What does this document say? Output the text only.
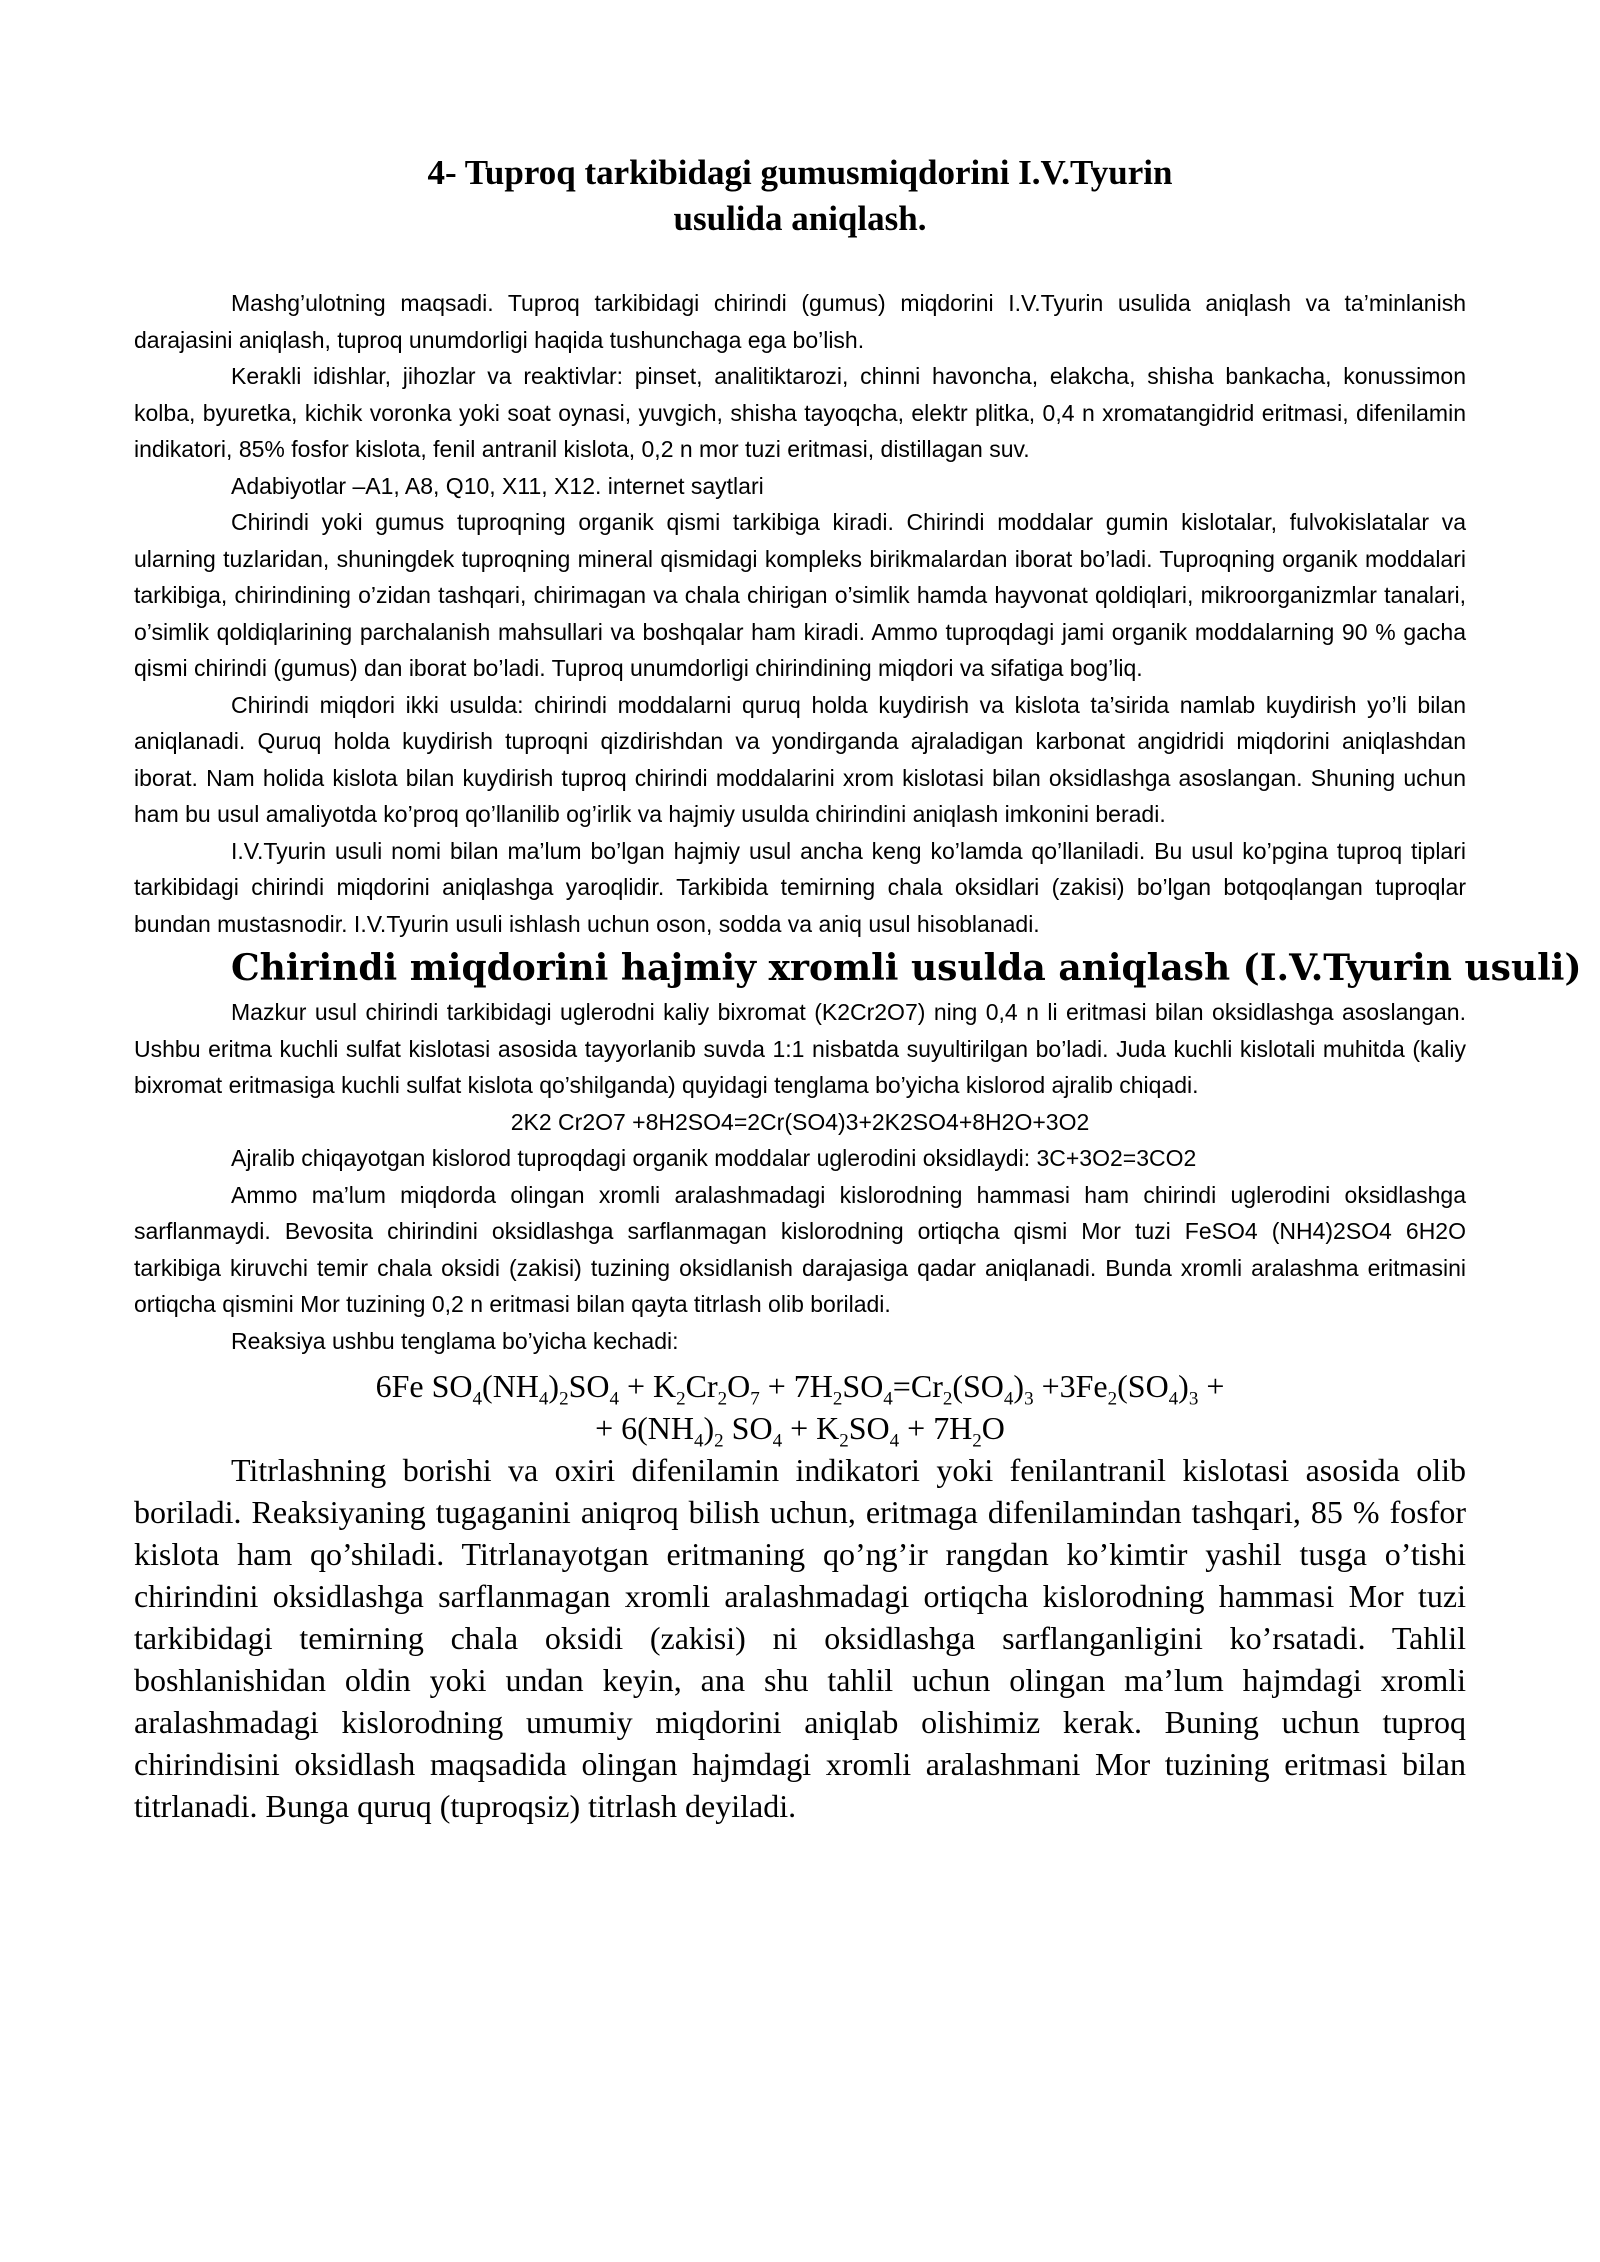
4- Tuproq tarkibidagi gumusmiqdorini I.V.Tyurin
usulida aniqlash.

Mashg’ulotning maqsadi. Tuproq tarkibidagi chirindi (gumus) miqdorini I.V.Tyurin usulida aniqlash va ta’minlanish darajasini aniqlash, tuproq unumdorligi haqida tushunchaga ega bo’lish.

Kerakli idishlar, jihozlar va reaktivlar: pinset, analitiktarozi, chinni havoncha, elakcha, shisha bankacha, konussimon kolba, byuretka, kichik voronka yoki soat oynasi, yuvgich, shisha tayoqcha, elektr plitka, 0,4 n xromatangidrid eritmasi, difenilamin indikatori, 85% fosfor kislota, fenil antranil kislota, 0,2 n mor tuzi eritmasi, distillagan suv.

Adabiyotlar –A1, A8, Q10, X11, X12. internet saytlari

Chirindi yoki gumus tuproqning organik qismi tarkibiga kiradi. Chirindi moddalar gumin kislotalar, fulvokislatalar va ularning tuzlaridan, shuningdek tuproqning mineral qismidagi kompleks birikmalardan iborat bo’ladi. Tuproqning organik moddalari tarkibiga, chirindining o’zidan tashqari, chirimagan va chala chirigan o’simlik hamda hayvonat qoldiqlari, mikroorganizmlar tanalari, o’simlik qoldiqlarining parchalanish mahsullari va boshqalar ham kiradi. Ammo tuproqdagi jami organik moddalarning 90 % gacha qismi chirindi (gumus) dan iborat bo’ladi. Tuproq unumdorligi chirindining miqdori va sifatiga bog’liq.

Chirindi miqdori ikki usulda: chirindi moddalarni quruq holda kuydirish va kislota ta’sirida namlab kuydirish yo’li bilan aniqlanadi. Quruq holda kuydirish tuproqni qizdirishdan va yondirganda ajraladigan karbonat angidridi miqdorini aniqlashdan iborat. Nam holida kislota bilan kuydirish tuproq chirindi moddalarini xrom kislotasi bilan oksidlashga asoslangan. Shuning uchun ham bu usul amaliyotda ko’proq qo’llanilib og’irlik va hajmiy usulda chirindini aniqlash imkonini beradi.

I.V.Tyurin usuli nomi bilan ma’lum bo’lgan hajmiy usul ancha keng ko’lamda qo’llaniladi. Bu usul ko’pgina tuproq tiplari tarkibidagi chirindi miqdorini aniqlashga yaroqlidir. Tarkibida temirning chala oksidlari (zakisi) bo’lgan botqoqlangan tuproqlar bundan mustasnodir. I.V.Tyurin usuli ishlash uchun oson, sodda va aniq usul hisoblanadi.

Chirindi miqdorini hajmiy xromli usulda aniqlash (I.V.Tyurin usuli)

Mazkur usul chirindi tarkibidagi uglerodni kaliy bixromat (K2Cr2O7) ning 0,4 n li eritmasi bilan oksidlashga asoslangan. Ushbu eritma kuchli sulfat kislotasi asosida tayyorlanib suvda 1:1 nisbatda suyultirilgan bo’ladi. Juda kuchli kislotali muhitda (kaliy bixromat eritmasiga kuchli sulfat kislota qo’shilganda) quyidagi tenglama bo’yicha kislorod ajralib chiqadi.

2K2 Cr2O7 +8H2SO4=2Cr(SO4)3+2K2SO4+8H2O+3O2

Ajralib chiqayotgan kislorod tuproqdagi organik moddalar uglerodini oksidlaydi: 3C+3O2=3CO2

Ammo ma’lum miqdorda olingan xromli aralashmadagi kislorodning hammasi ham chirindi uglerodini oksidlashga sarflanmaydi. Bevosita chirindini oksidlashga sarflanmagan kislorodning ortiqcha qismi Mor tuzi FeSO4 (NH4)2SO4 6H2O tarkibiga kiruvchi temir chala oksidi (zakisi) tuzining oksidlanish darajasiga qadar aniqlanadi. Bunda xromli aralashma eritmasini ortiqcha qismini Mor tuzining 0,2 n eritmasi bilan qayta titrlash olib boriladi.

Reaksiya ushbu tenglama bo’yicha kechadi:

6Fe $SO_4(NH_4)_2SO_4 + K_2Cr_2O_7 + 7H_2SO_4=Cr_2(SO_4)_3 +3Fe_2(SO_4)_3$ +

+ $6(NH_4)_2$ $SO_4 + K_2SO_4 + 7H_2O$

Titrlashning borishi va oxiri difenilamin indikatori yoki fenilantranil kislotasi asosida olib boriladi. Reaksiyaning tugaganini aniqroq bilish uchun, eritmaga difenilamindan tashqari, 85 % fosfor kislota ham qo’shiladi. Titrlanayotgan eritmaning qo’ng’ir rangdan ko’kimtir yashil tusga o’tishi chirindini oksidlashga sarflanmagan xromli aralashmadagi ortiqcha kislorodning hammasi Mor tuzi tarkibidagi temirning chala oksidi (zakisi) ni oksidlashga sarflanganligini ko’rsatadi. Tahlil boshlanishidan oldin yoki undan keyin, ana shu tahlil uchun olingan ma’lum hajmdagi xromli aralashmadagi kislorodning umumiy miqdorini aniqlab olishimiz kerak. Buning uchun tuproq chirindisini oksidlash maqsadida olingan hajmdagi xromli aralashmani Mor tuzining eritmasi bilan titrlanadi. Bunga quruq (tuproqsiz) titrlash deyiladi.
